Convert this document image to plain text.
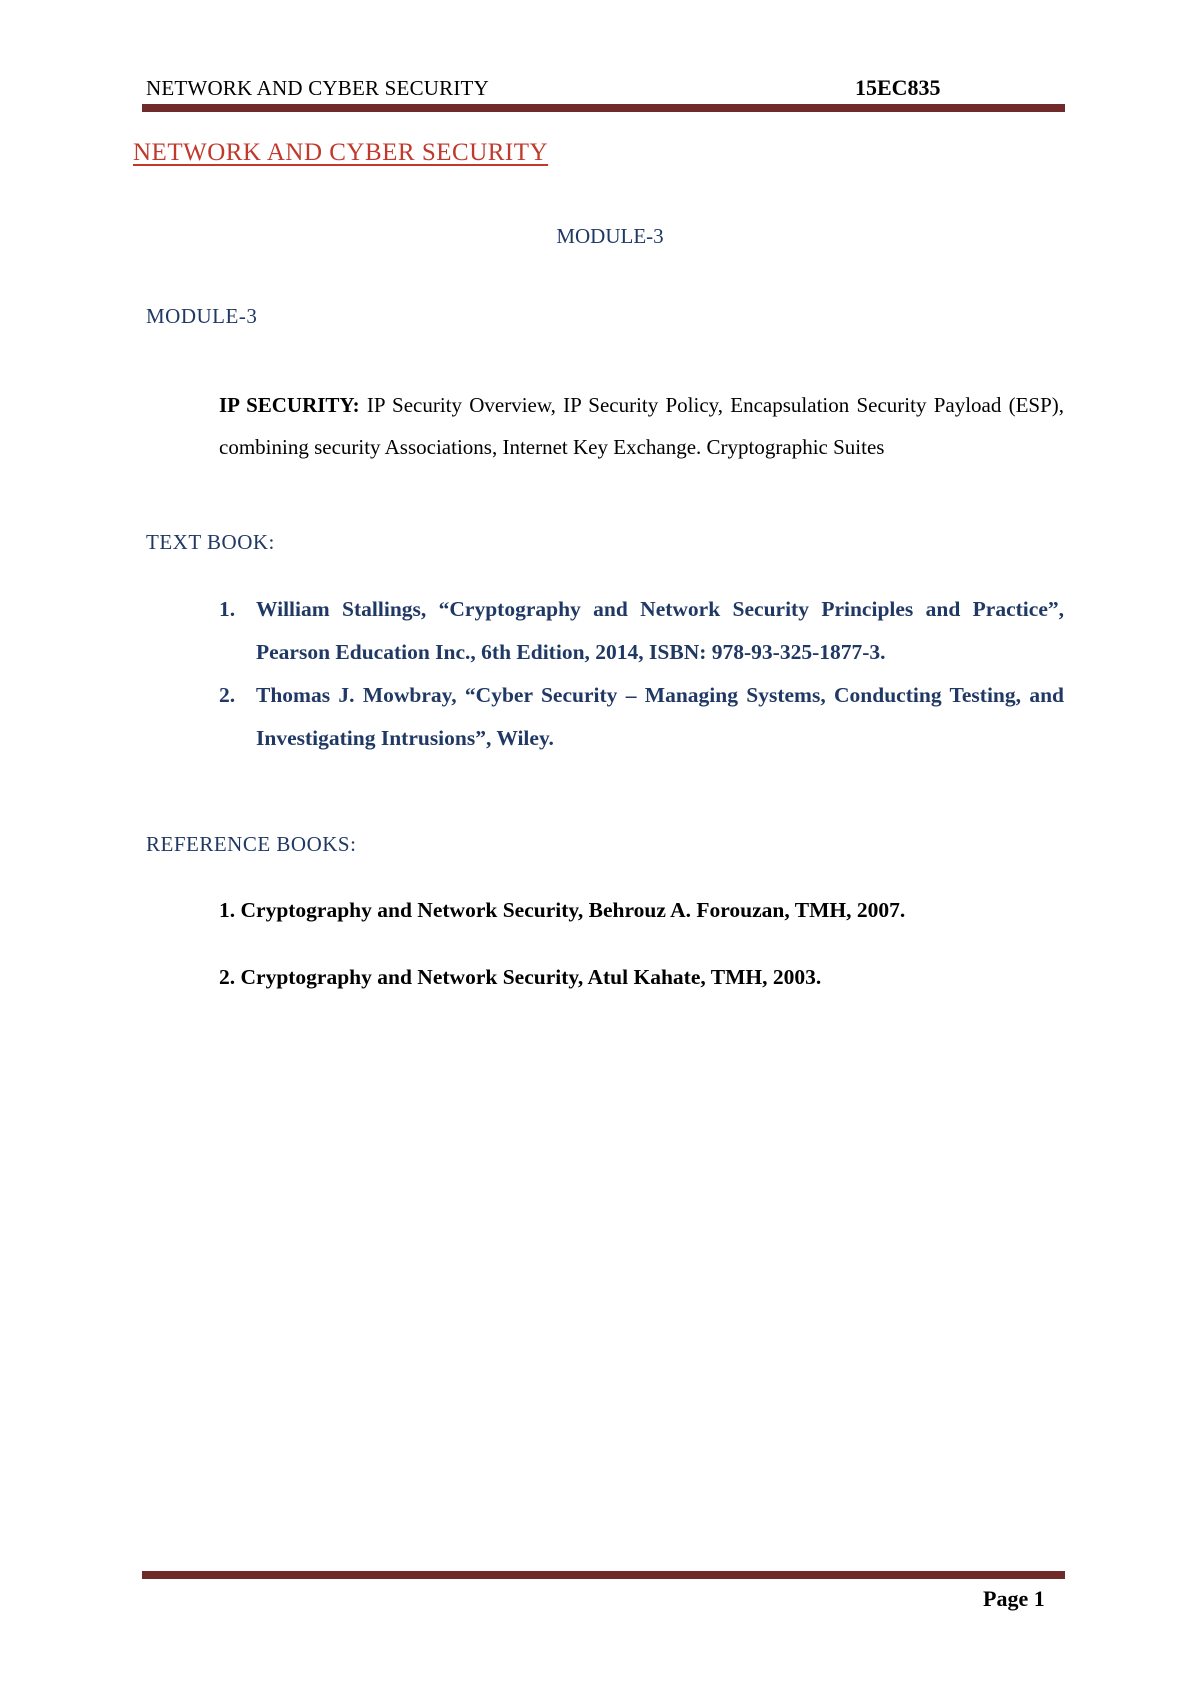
NETWORK AND CYBER SECURITY	15EC835
NETWORK AND CYBER SECURITY
MODULE-3
MODULE-3
IP SECURITY: IP Security Overview, IP Security Policy, Encapsulation Security Payload (ESP), combining security Associations, Internet Key Exchange. Cryptographic Suites
TEXT BOOK:
1. William Stallings, “Cryptography and Network Security Principles and Practice”, Pearson Education Inc., 6th Edition, 2014, ISBN: 978-93-325-1877-3.
2. Thomas J. Mowbray, “Cyber Security – Managing Systems, Conducting Testing, and Investigating Intrusions”, Wiley.
REFERENCE BOOKS:
1. Cryptography and Network Security, Behrouz A. Forouzan, TMH, 2007.
2. Cryptography and Network Security, Atul Kahate, TMH, 2003.
Page 1
